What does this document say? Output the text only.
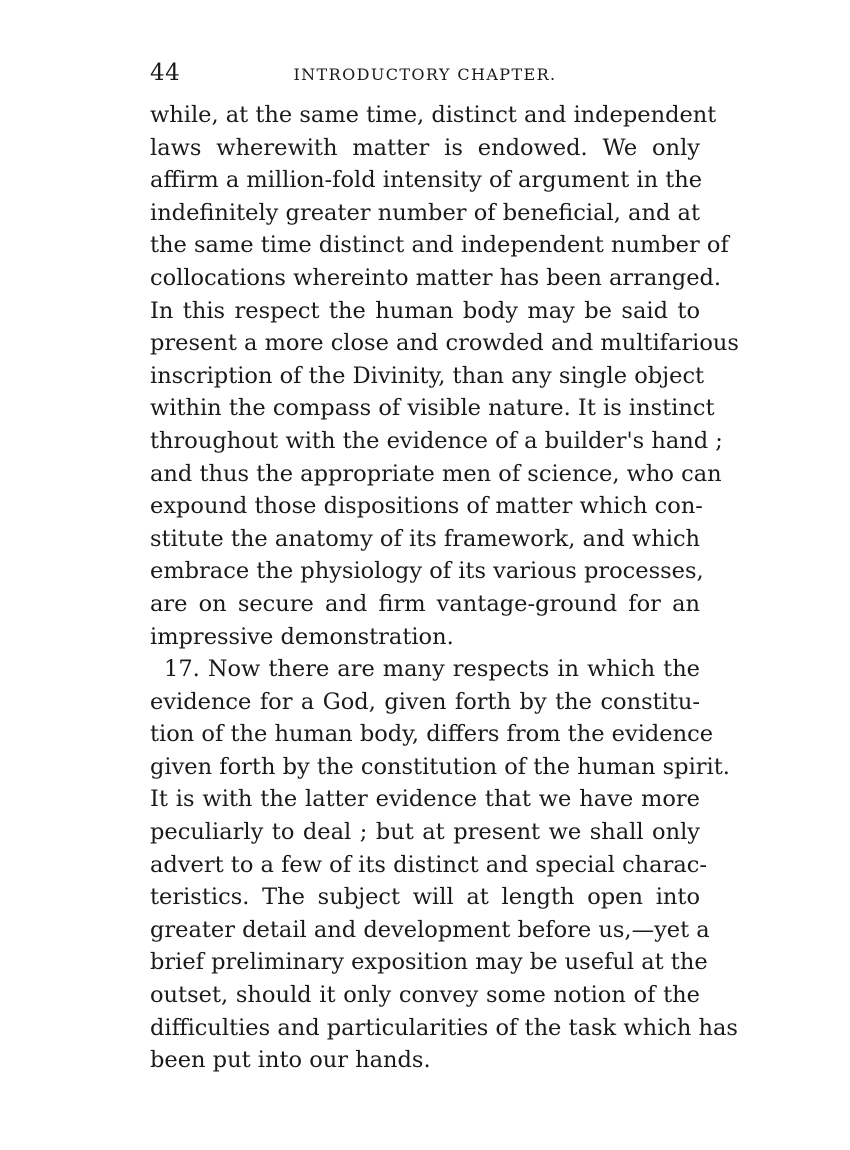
44	INTRODUCTORY CHAPTER.
while, at the same time, distinct and independent
laws wherewith matter is endowed. We only
affirm a million-fold intensity of argument in the
indefinitely greater number of beneficial, and at
the same time distinct and independent number of
collocations whereinto matter has been arranged.
In this respect the human body may be said to
present a more close and crowded and multifarious
inscription of the Divinity, than any single object
within the compass of visible nature. It is instinct
throughout with the evidence of a builder's hand ;
and thus the appropriate men of science, who can
expound those dispositions of matter which con-
stitute the anatomy of its framework, and which
embrace the physiology of its various processes,
are on secure and firm vantage-ground for an
impressive demonstration.
17. Now there are many respects in which the
evidence for a God, given forth by the constitu-
tion of the human body, differs from the evidence
given forth by the constitution of the human spirit.
It is with the latter evidence that we have more
peculiarly to deal ; but at present we shall only
advert to a few of its distinct and special charac-
teristics. The subject will at length open into
greater detail and development before us,—yet a
brief preliminary exposition may be useful at the
outset, should it only convey some notion of the
difficulties and particularities of the task which has
been put into our hands.
